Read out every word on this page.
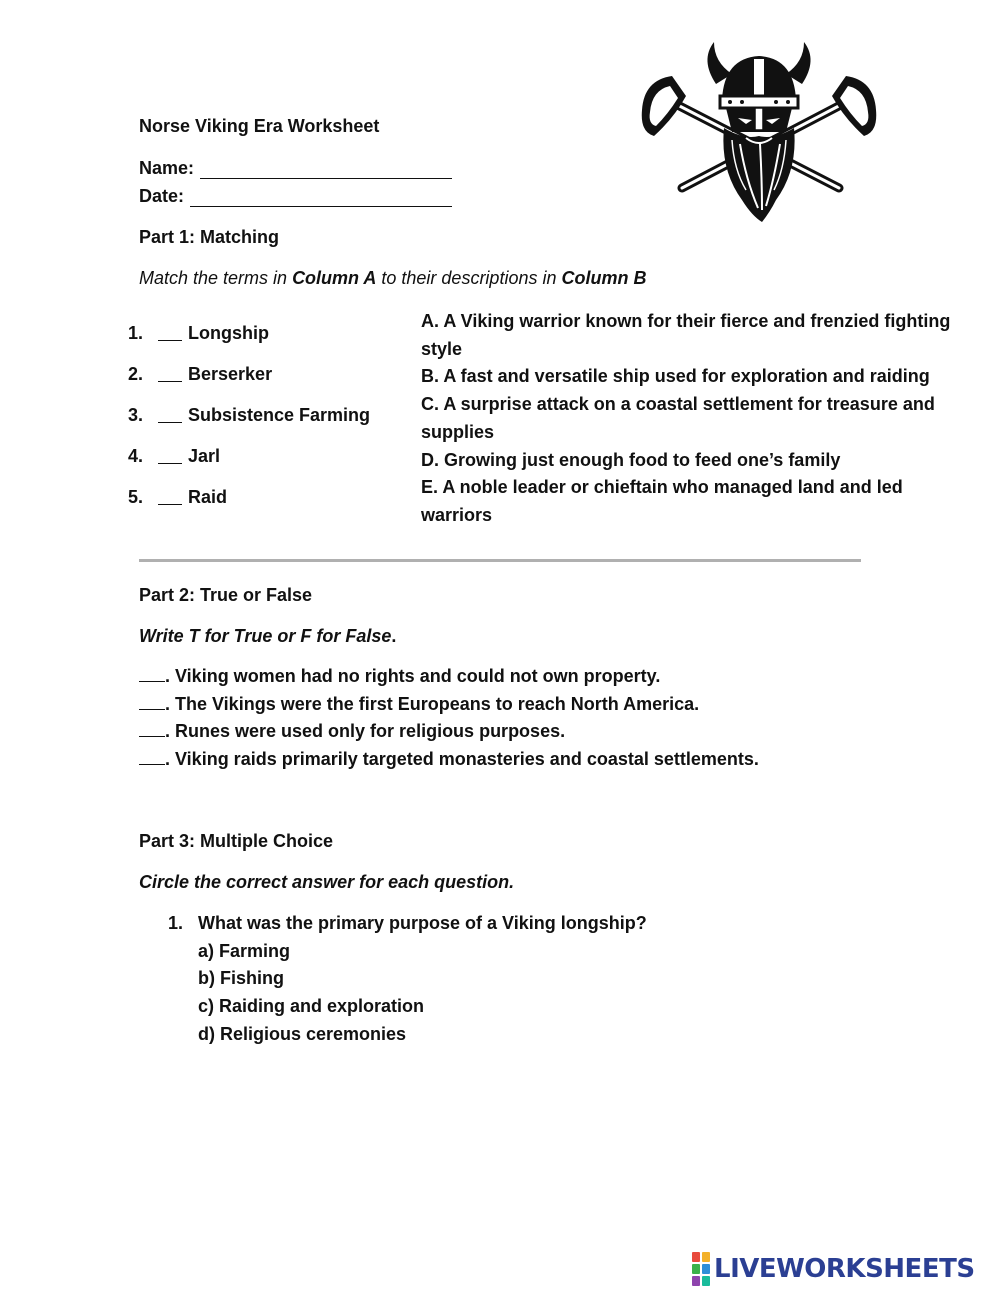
Norse Viking Era Worksheet
Name:
Date:
Part 1: Matching
Match the terms in Column A to their descriptions in Column B
1.	Longship
2.	Berserker
3.	Subsistence Farming
4.	Jarl
5.	Raid
A. A Viking warrior known for their fierce and frenzied fighting style
B. A fast and versatile ship used for exploration and raiding
C. A surprise attack on a coastal settlement for treasure and supplies
D. Growing just enough food to feed one’s family
E. A noble leader or chieftain who managed land and led warriors
Part 2: True or False
Write T for True or F for False.
. Viking women had no rights and could not own property.
. The Vikings were the first Europeans to reach North America.
. Runes were used only for religious purposes.
. Viking raids primarily targeted monasteries and coastal settlements.
Part 3: Multiple Choice
Circle the correct answer for each question.
1. What was the primary purpose of a Viking longship?
a) Farming
b) Fishing
c) Raiding and exploration
d) Religious ceremonies
LIVEWORKSHEETS
